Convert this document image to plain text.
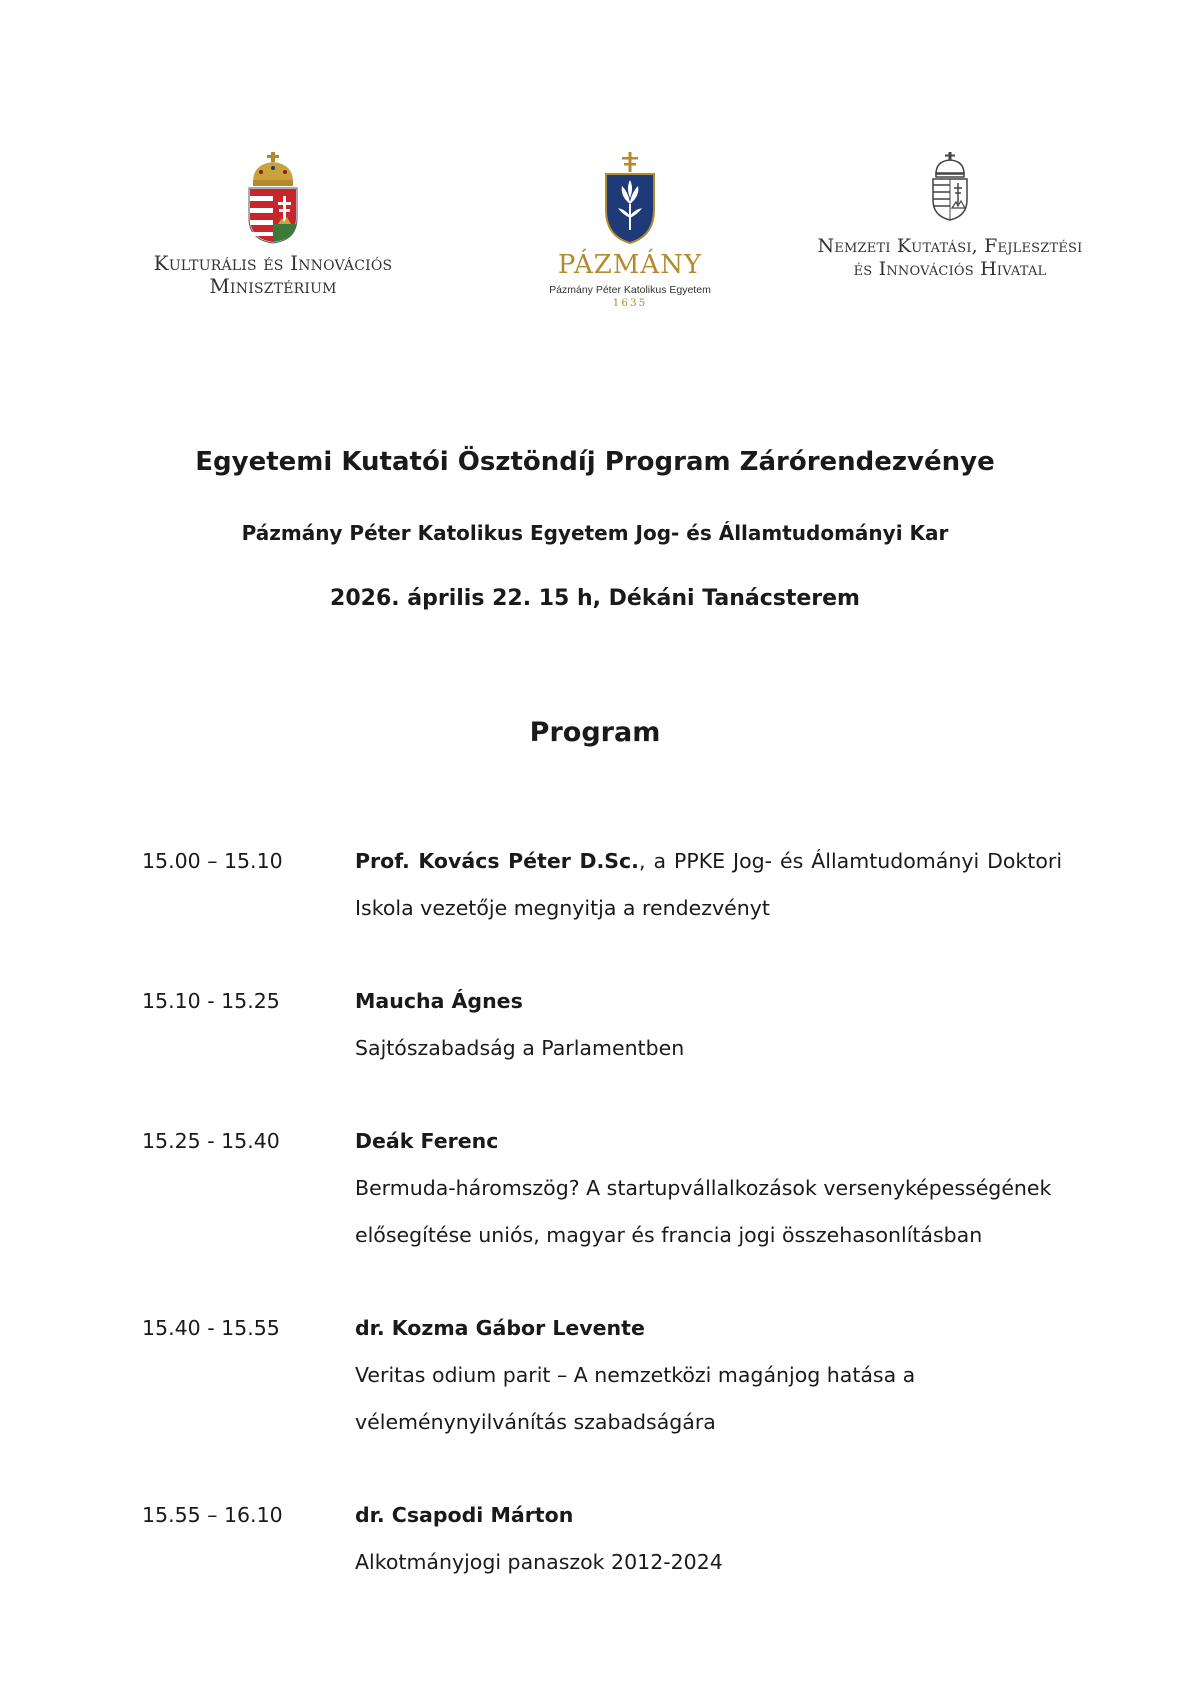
Kulturális és Innovációs
Minisztérium
PÁZMÁNY
Pázmány Péter Katolikus Egyetem
1635
Nemzeti Kutatási, Fejlesztési
és Innovációs Hivatal
Egyetemi Kutatói Ösztöndíj Program Zárórendezvénye
Pázmány Péter Katolikus Egyetem Jog- és Államtudományi Kar
2026. április 22. 15 h, Dékáni Tanácsterem
Program
15.00 – 15.10	Prof. Kovács Péter D.Sc., a PPKE Jog- és Államtudományi Doktori
Iskola vezetője megnyitja a rendezvényt
15.10 - 15.25	Maucha Ágnes
Sajtószabadság a Parlamentben
15.25 - 15.40	Deák Ferenc
Bermuda-háromszög? A startupvállalkozások versenyképességének
elősegítése uniós, magyar és francia jogi összehasonlításban
15.40 - 15.55	dr. Kozma Gábor Levente
Veritas odium parit – A nemzetközi magánjog hatása a
véleménynyilvánítás szabadságára
15.55 – 16.10	dr. Csapodi Márton
Alkotmányjogi panaszok 2012-2024
